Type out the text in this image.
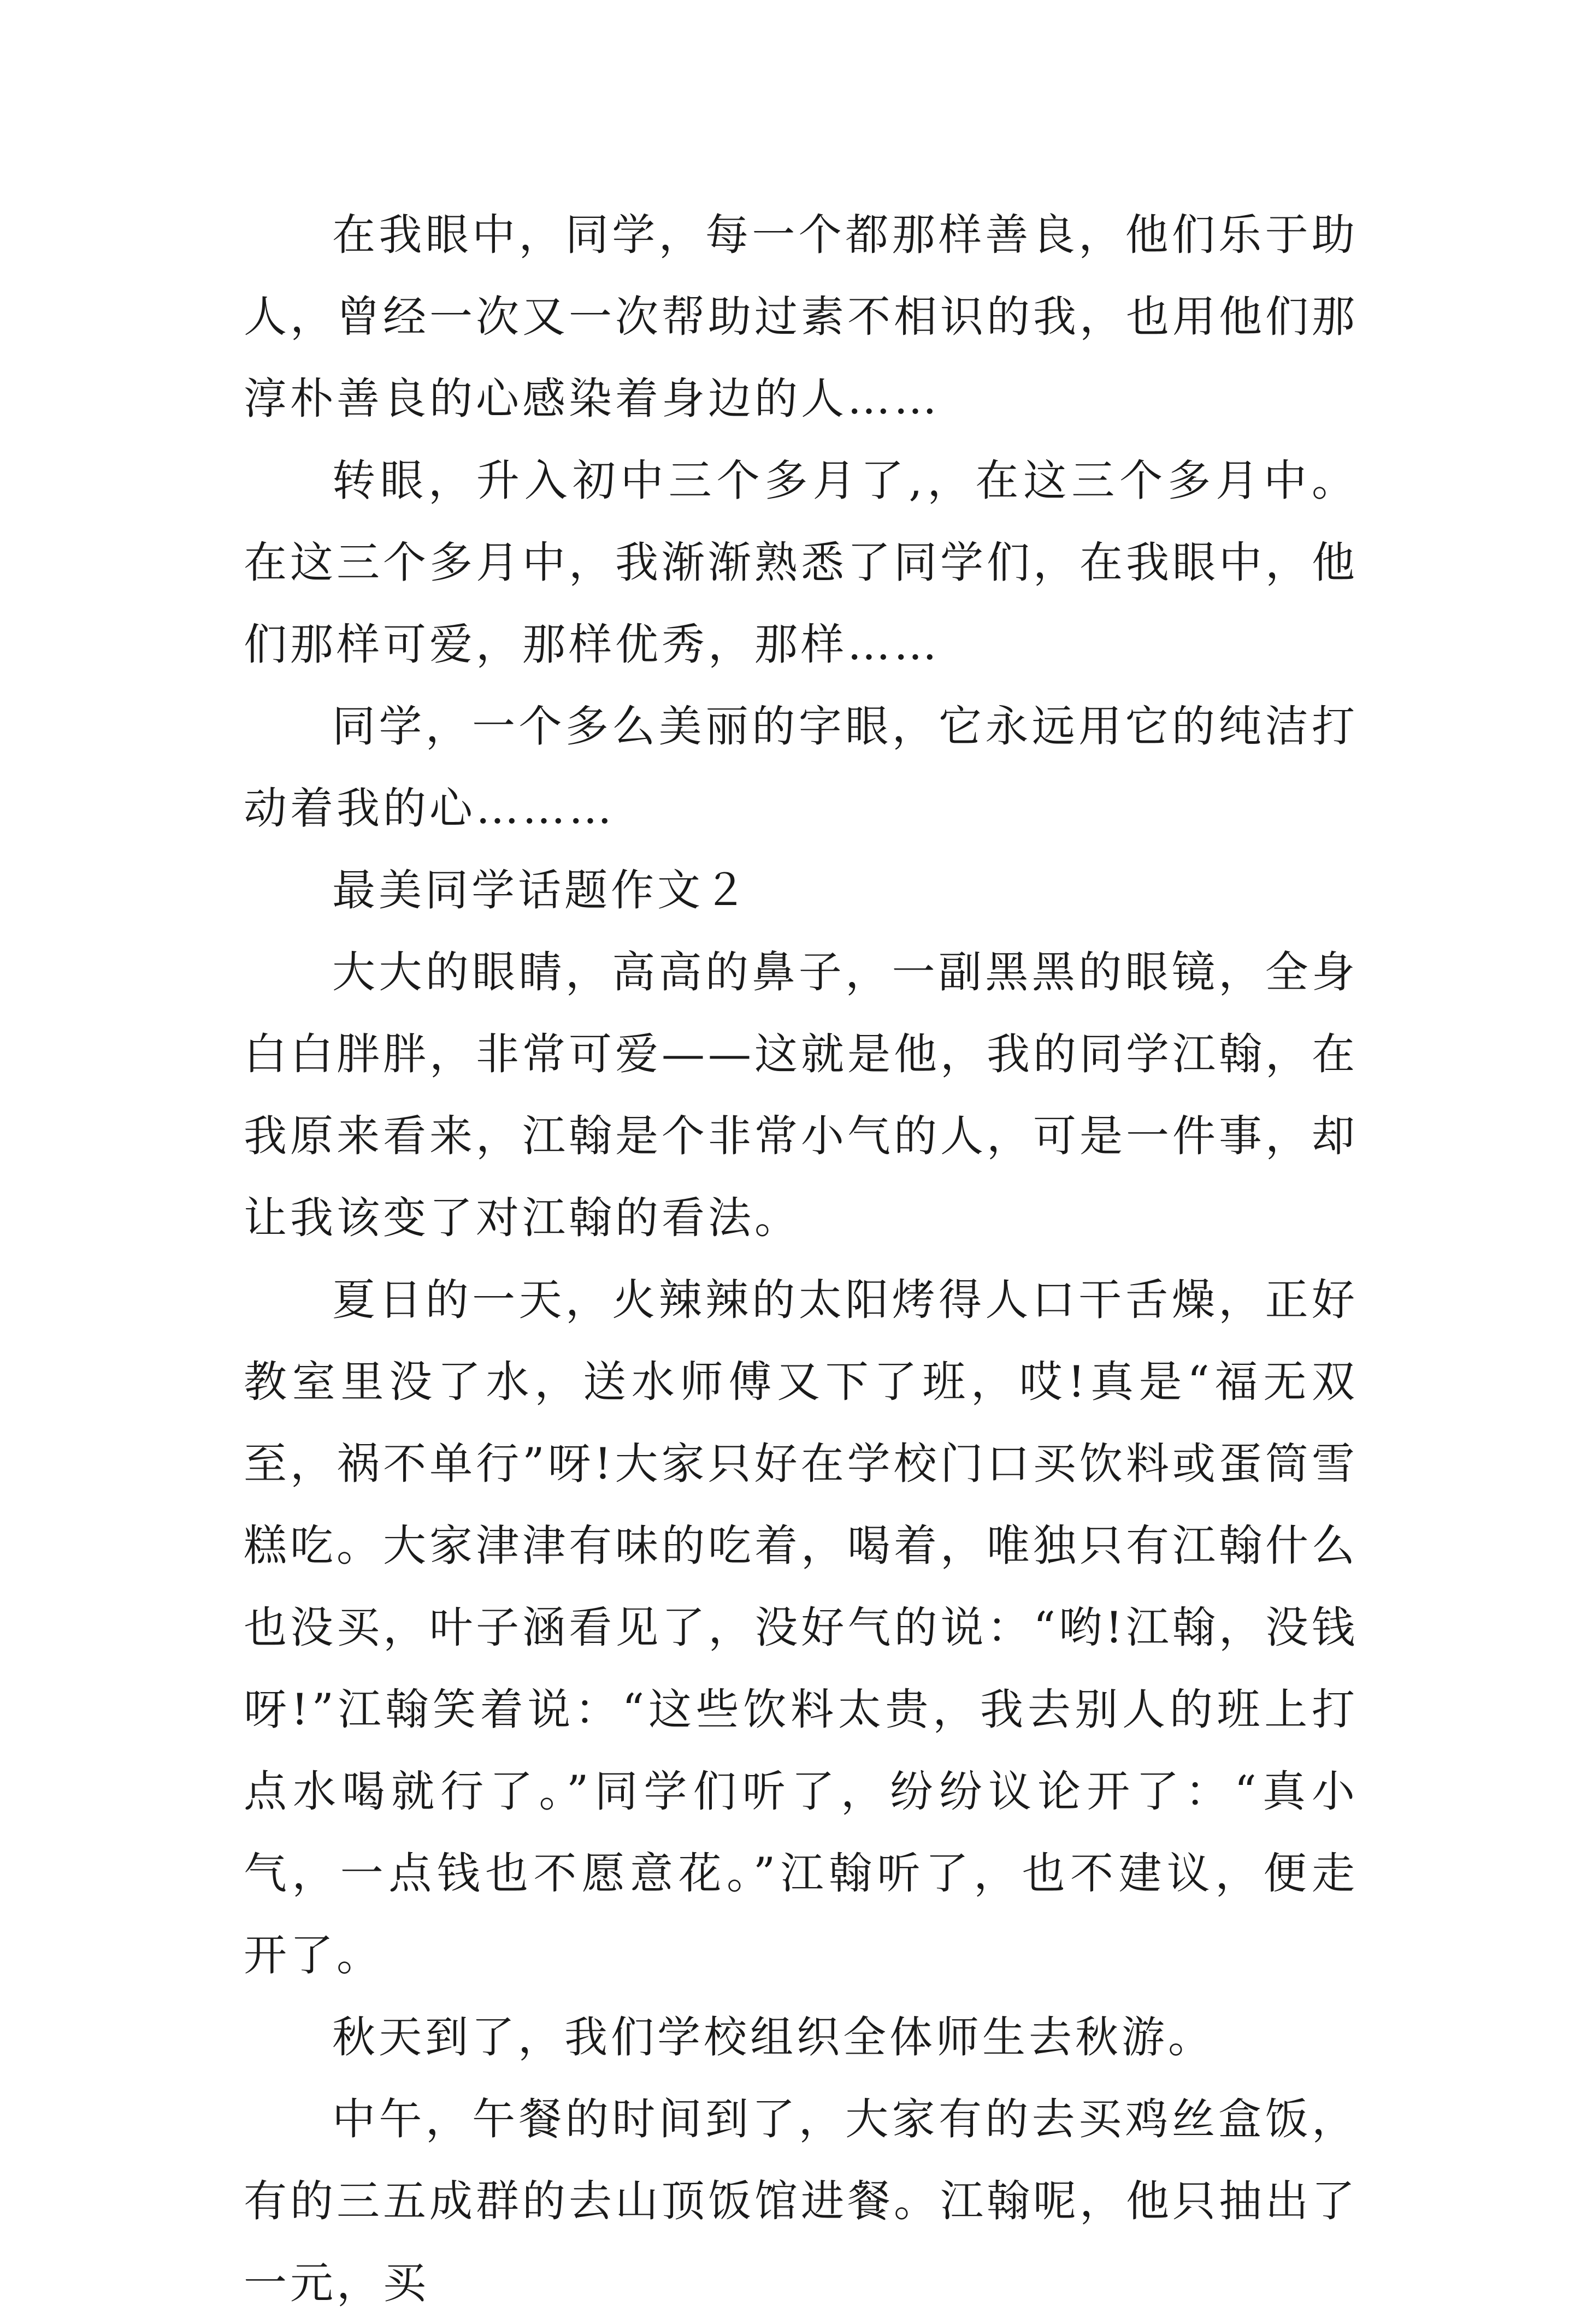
在我眼中，同学，每一个都那样善良，他们乐于助人，曾经一次又一次帮助过素不相识的我，也用他们那淳朴善良的心感染着身边的人……

转眼，升入初中三个多月了,，在这三个多月中。在这三个多月中，我渐渐熟悉了同学们，在我眼中，他们那样可爱，那样优秀，那样……

同学，一个多么美丽的字眼，它永远用它的纯洁打动着我的心………

最美同学话题作文２

大大的眼睛，高高的鼻子，一副黑黑的眼镜，全身白白胖胖，非常可爱——这就是他，我的同学江翰，在我原来看来，江翰是个非常小气的人，可是一件事，却让我该变了对江翰的看法。

夏日的一天，火辣辣的太阳烤得人口干舌燥，正好教室里没了水，送水师傅又下了班，哎!真是“福无双至，祸不单行”呀!大家只好在学校门口买饮料或蛋筒雪糕吃。大家津津有味的吃着，喝着，唯独只有江翰什么也没买，叶子涵看见了，没好气的说：“哟!江翰，没钱呀!”江翰笑着说：“这些饮料太贵，我去别人的班上打点水喝就行了。”同学们听了，纷纷议论开了：“真小气，一点钱也不愿意花。”江翰听了，也不建议，便走开了。

秋天到了，我们学校组织全体师生去秋游。

中午，午餐的时间到了，大家有的去买鸡丝盒饭，有的三五成群的去山顶饭馆进餐。江翰呢，他只抽出了一元，买
